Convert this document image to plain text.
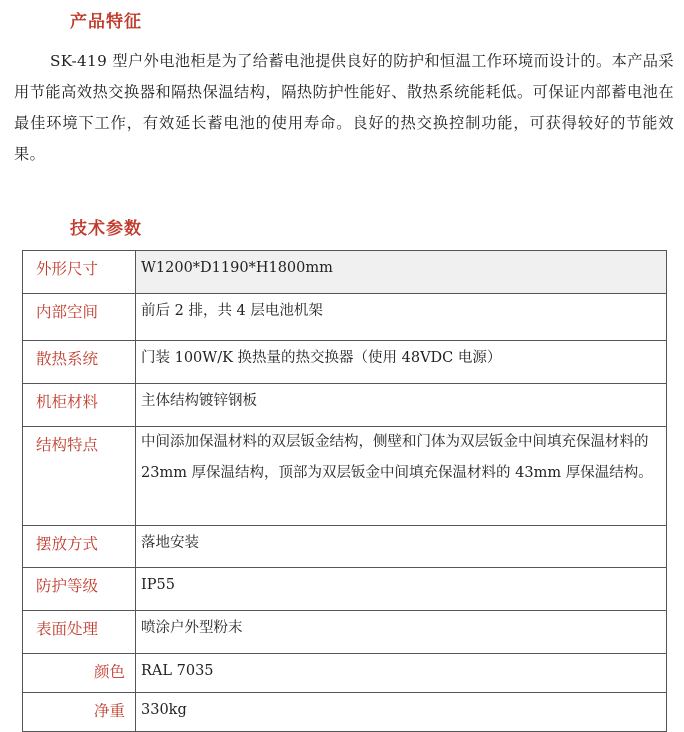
产品特征
SK-419 型户外电池柜是为了给蓄电池提供良好的防护和恒温工作环境而设计的。本产品采用节能高效热交换器和隔热保温结构，隔热防护性能好、散热系统能耗低。可保证内部蓄电池在最佳环境下工作，有效延长蓄电池的使用寿命。良好的热交换控制功能，可获得较好的节能效果。
技术参数
外形尺寸	W1200*D1190*H1800mm

内部空间	前后 2 排，共 4 层电池机架

散热系统	门装 100W/K 换热量的热交换器（使用 48VDC 电源）

机柜材料	主体结构镀锌钢板

结构特点	中间添加保温材料的双层钣金结构，侧壁和门体为双层钣金中间填充保温材料的 23mm 厚保温结构，顶部为双层钣金中间填充保温材料的 43mm 厚保温结构。

摆放方式	落地安装

防护等级	IP55

表面处理	喷涂户外型粉末

颜色	RAL 7035

净重	330kg
